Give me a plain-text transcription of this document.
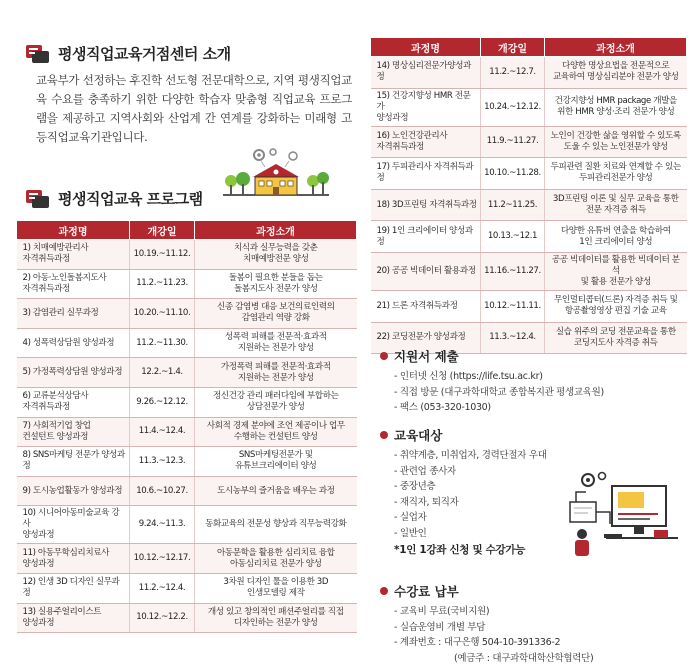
평생직업교육거점센터 소개
교육부가 선정하는 후진학 선도형 전문대학으로, 지역 평생직업교육 수요를 충족하기 위한 다양한 학습자 맞춤형 직업교육 프로그램을 제공하고 지역사회와 산업계 간 연계를 강화하는 미래형 고등직업교육기관입니다.
평생직업교육 프로그램
과정명	개강일	과정소개
1) 치매예방관리사
자격취득과정	10.19.~11.12.	치식과 실무능력을 갖춘
치매예방전문 양성
2) 아동·노인돌봄지도사
자격취득과정	11.2.~11.23.	돌봄이 필요한 분들을 돕는
돌봄지도사 전문가 양성
3) 감염관리 실무과정	10.20.~11.10.	신종 감염병 대응 보건의료인력의
감염관리 역량 강화
4) 성폭력상담원 양성과정	11.2.~11.30.	성폭력 피해를 전문적·효과적
지원하는 전문가 양성
5) 가정폭력상담원 양성과정	12.2.~1.4.	가정폭력 피해를 전문적·효과적
지원하는 전문가 양성
6) 교류분석상담사
자격취득과정	9.26.~12.12.	정신건강 관리 패러다임에 부합하는
상담전문가 양성
7) 사회적기업 창업
컨설턴트 양성과정	11.4.~12.4.	사회적 경제 분야에 조언 제공이나 업무
수행하는 컨설턴트 양성
8) SNS마케팅 전문가 양성과정	11.3.~12.3.	SNS마케팅전문가 및
유튜브크리에이터 양성
9) 도시농업활동가 양성과정	10.6.~10.27.	도시농부의 즐거움을 배우는 과정
10) 시니어아동미술교육 강사
양성과정	9.24.~11.3.	동화교육의 전문성 향상과 직무능력강화
11) 아동무학심리치료사
양성과정	10.12.~12.17.	아동문학을 활용한 심리치료 융합
아동심리치료 전문가 양성
12) 인생 3D 디자인 실무과정	11.2.~12.4.	3차원 디자인 툴을 이용한 3D
인생모델링 제작
13) 실용주얼리이스트
양성과정	10.12.~12.2.	개성 있고 창의적인 패션주얼리를 직접
디자인하는 전문가 양성
과정명	개강일	과정소개
14) 명상심리전문가양성과정	11.2.~12.7.	다양한 명상요법을 전문적으로
교육하여 명상심리분야 전문가 양성
15) 건강지향성 HMR 전문가
양성과정	10.24.~12.12.	건강지향성 HMR package 개발을
위한 HMR 양성·조리 전문가 양성
16) 노인건강관리사
자격취득과정	11.9.~11.27.	노인이 건강한 삶을 영위할 수 있도록
도울 수 있는 노인전문가 양성
17) 두피관리사 자격취득과정	10.10.~11.28.	두피관련 질환 치료와 연계할 수 있는
두피관리전문가 양성
18) 3D프린팅 자격취득과정	11.2~11.25.	3D프린팅 이론 및 실무 교육을 통한
전문 자격증 취득
19) 1인 크리에이터 양성과정	10.13.~12.1	다양한 유튜버 연출을 학습하여
1인 크리에이터 양성
20) 공공 빅데이터 활용과정	11.16.~11.27.	공공 빅데이터를 활용한 빅데이터 분석
및 활용 전문가 양성
21) 드론 자격취득과정	10.12.~11.11.	무인멀티콥터(드론) 자격증 취득 및
항공촬영영상 편집 기술 교육
22) 코딩전문가 양성과정	11.3.~12.4.	실습 위주의 코딩 전문교육을 통한
코딩지도사 자격증 취득
지원서 제출
- 인터넷 신청 (https://life.tsu.ac.kr)
- 직접 방문 (대구과학대학교 종합복지관 평생교육원)
- 팩스 (053-320-1030)
교육대상
- 취약계층, 미취업자, 경력단절자 우대
- 관련업 종사자
- 중장년층
- 재직자, 퇴직자
- 실업자
- 일반인
*1인 1강좌 신청 및 수강가능
수강료 납부
- 교육비 무료(국비지원)
- 실습운영비 개별 부담
- 계좌번호 : 대구은행 504-10-391336-2
(예금주 : 대구과학대학산학협력단)
